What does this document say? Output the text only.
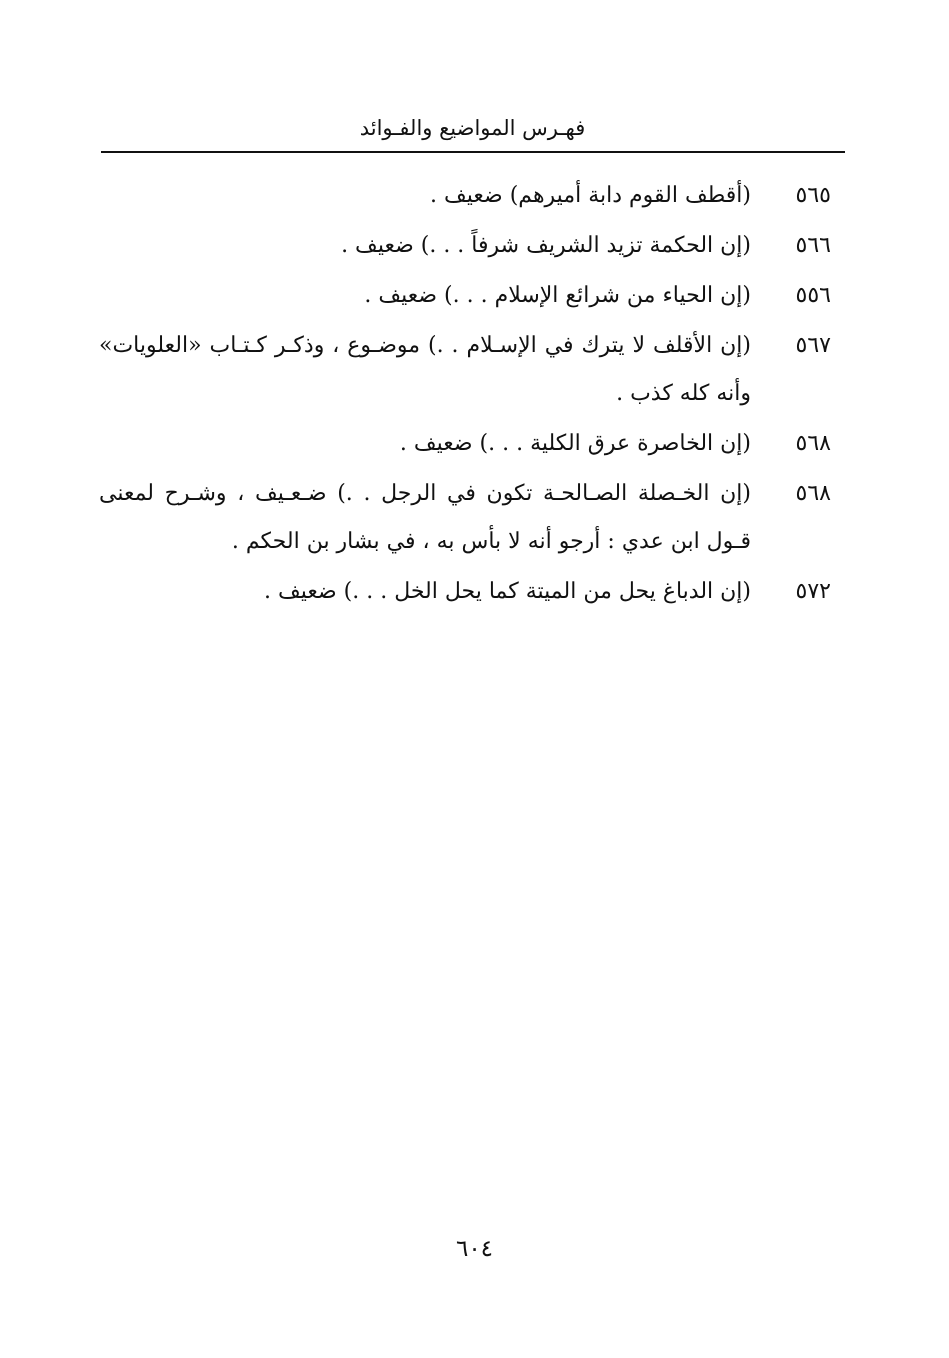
فهـرس المواضيع والفـوائد
٥٦٥
(أقطف القوم دابة أميرهم) ضعيف .
٥٦٦
(إن الحكمة تزيد الشريف شرفاً . . .) ضعيف .
٥٥٦
(إن الحياء من شرائع الإسلام . . .) ضعيف .
٥٦٧
(إن الأقلف لا يترك في الإسـلام . .) موضـوع ، وذكـر كـتـاب «العلويات» وأنه كله كذب .
٥٦٨
(إن الخاصرة عرق الكلية . . .) ضعيف .
٥٦٨
(إن الخـصلة الصـالحـة تكون في الرجل . .) ضـعـيف ، وشـرح لمعنى قـول ابن عدي : أرجو أنه لا بأس به ، في بشار بن الحكم .
٥٧٢
(إن الدباغ يحل من الميتة كما يحل الخل . . .) ضعيف .
٦٠٤
